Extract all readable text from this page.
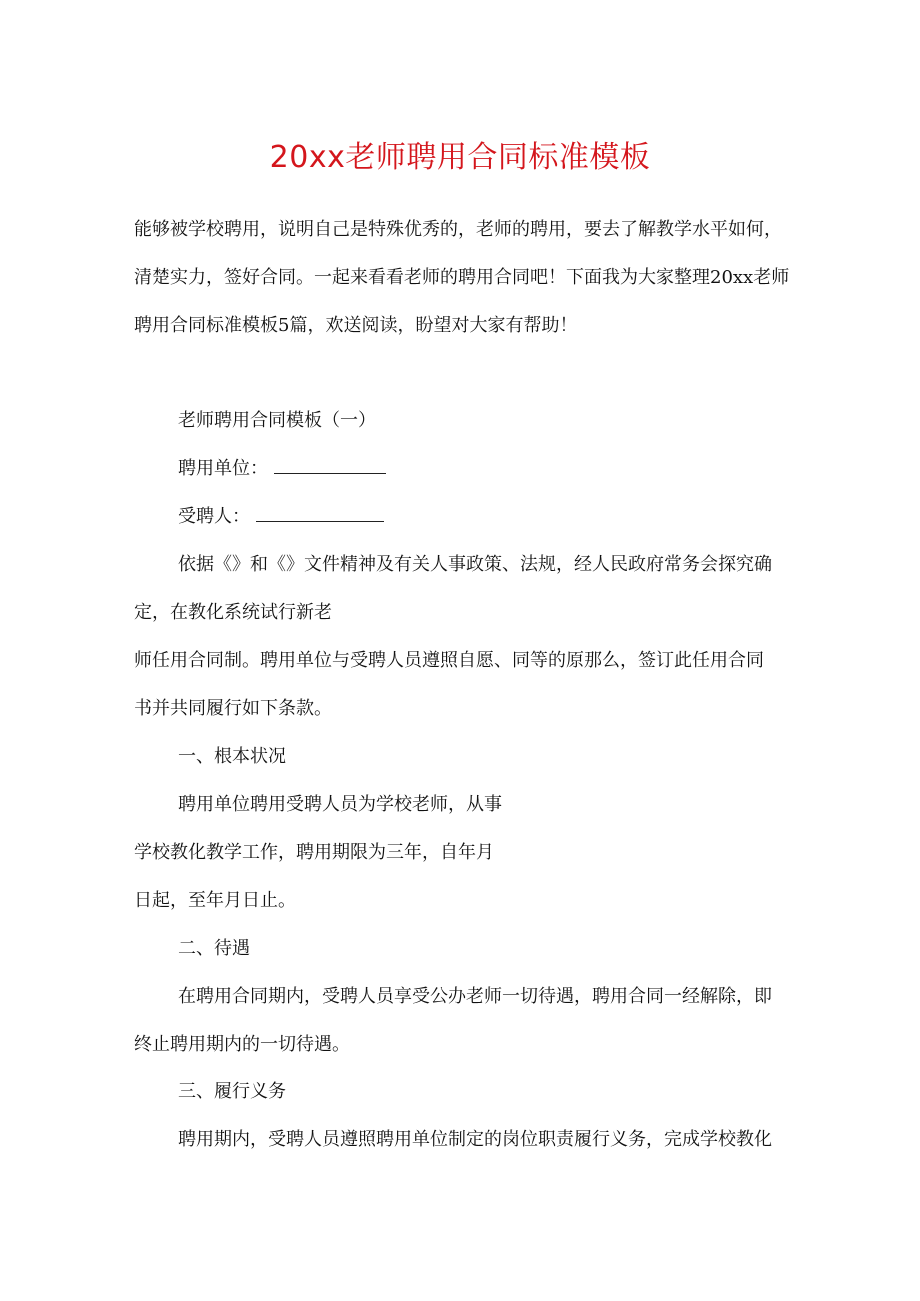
20xx老师聘用合同标准模板
能够被学校聘用，说明自己是特殊优秀的，老师的聘用，要去了解教学水平如何，
清楚实力，签好合同。一起来看看老师的聘用合同吧！下面我为大家整理20xx老师
聘用合同标准模板5篇，欢送阅读，盼望对大家有帮助！
老师聘用合同模板（一）
聘用单位：
受聘人：
依据《》和《》文件精神及有关人事政策、法规，经人民政府常务会探究确
定，在教化系统试行新老
师任用合同制。聘用单位与受聘人员遵照自愿、同等的原那么，签订此任用合同
书并共同履行如下条款。
一、根本状况
聘用单位聘用受聘人员为学校老师，从事
学校教化教学工作，聘用期限为三年，自年月
日起，至年月日止。
二、待遇
在聘用合同期内，受聘人员享受公办老师一切待遇，聘用合同一经解除，即
终止聘用期内的一切待遇。
三、履行义务
聘用期内，受聘人员遵照聘用单位制定的岗位职责履行义务，完成学校教化
